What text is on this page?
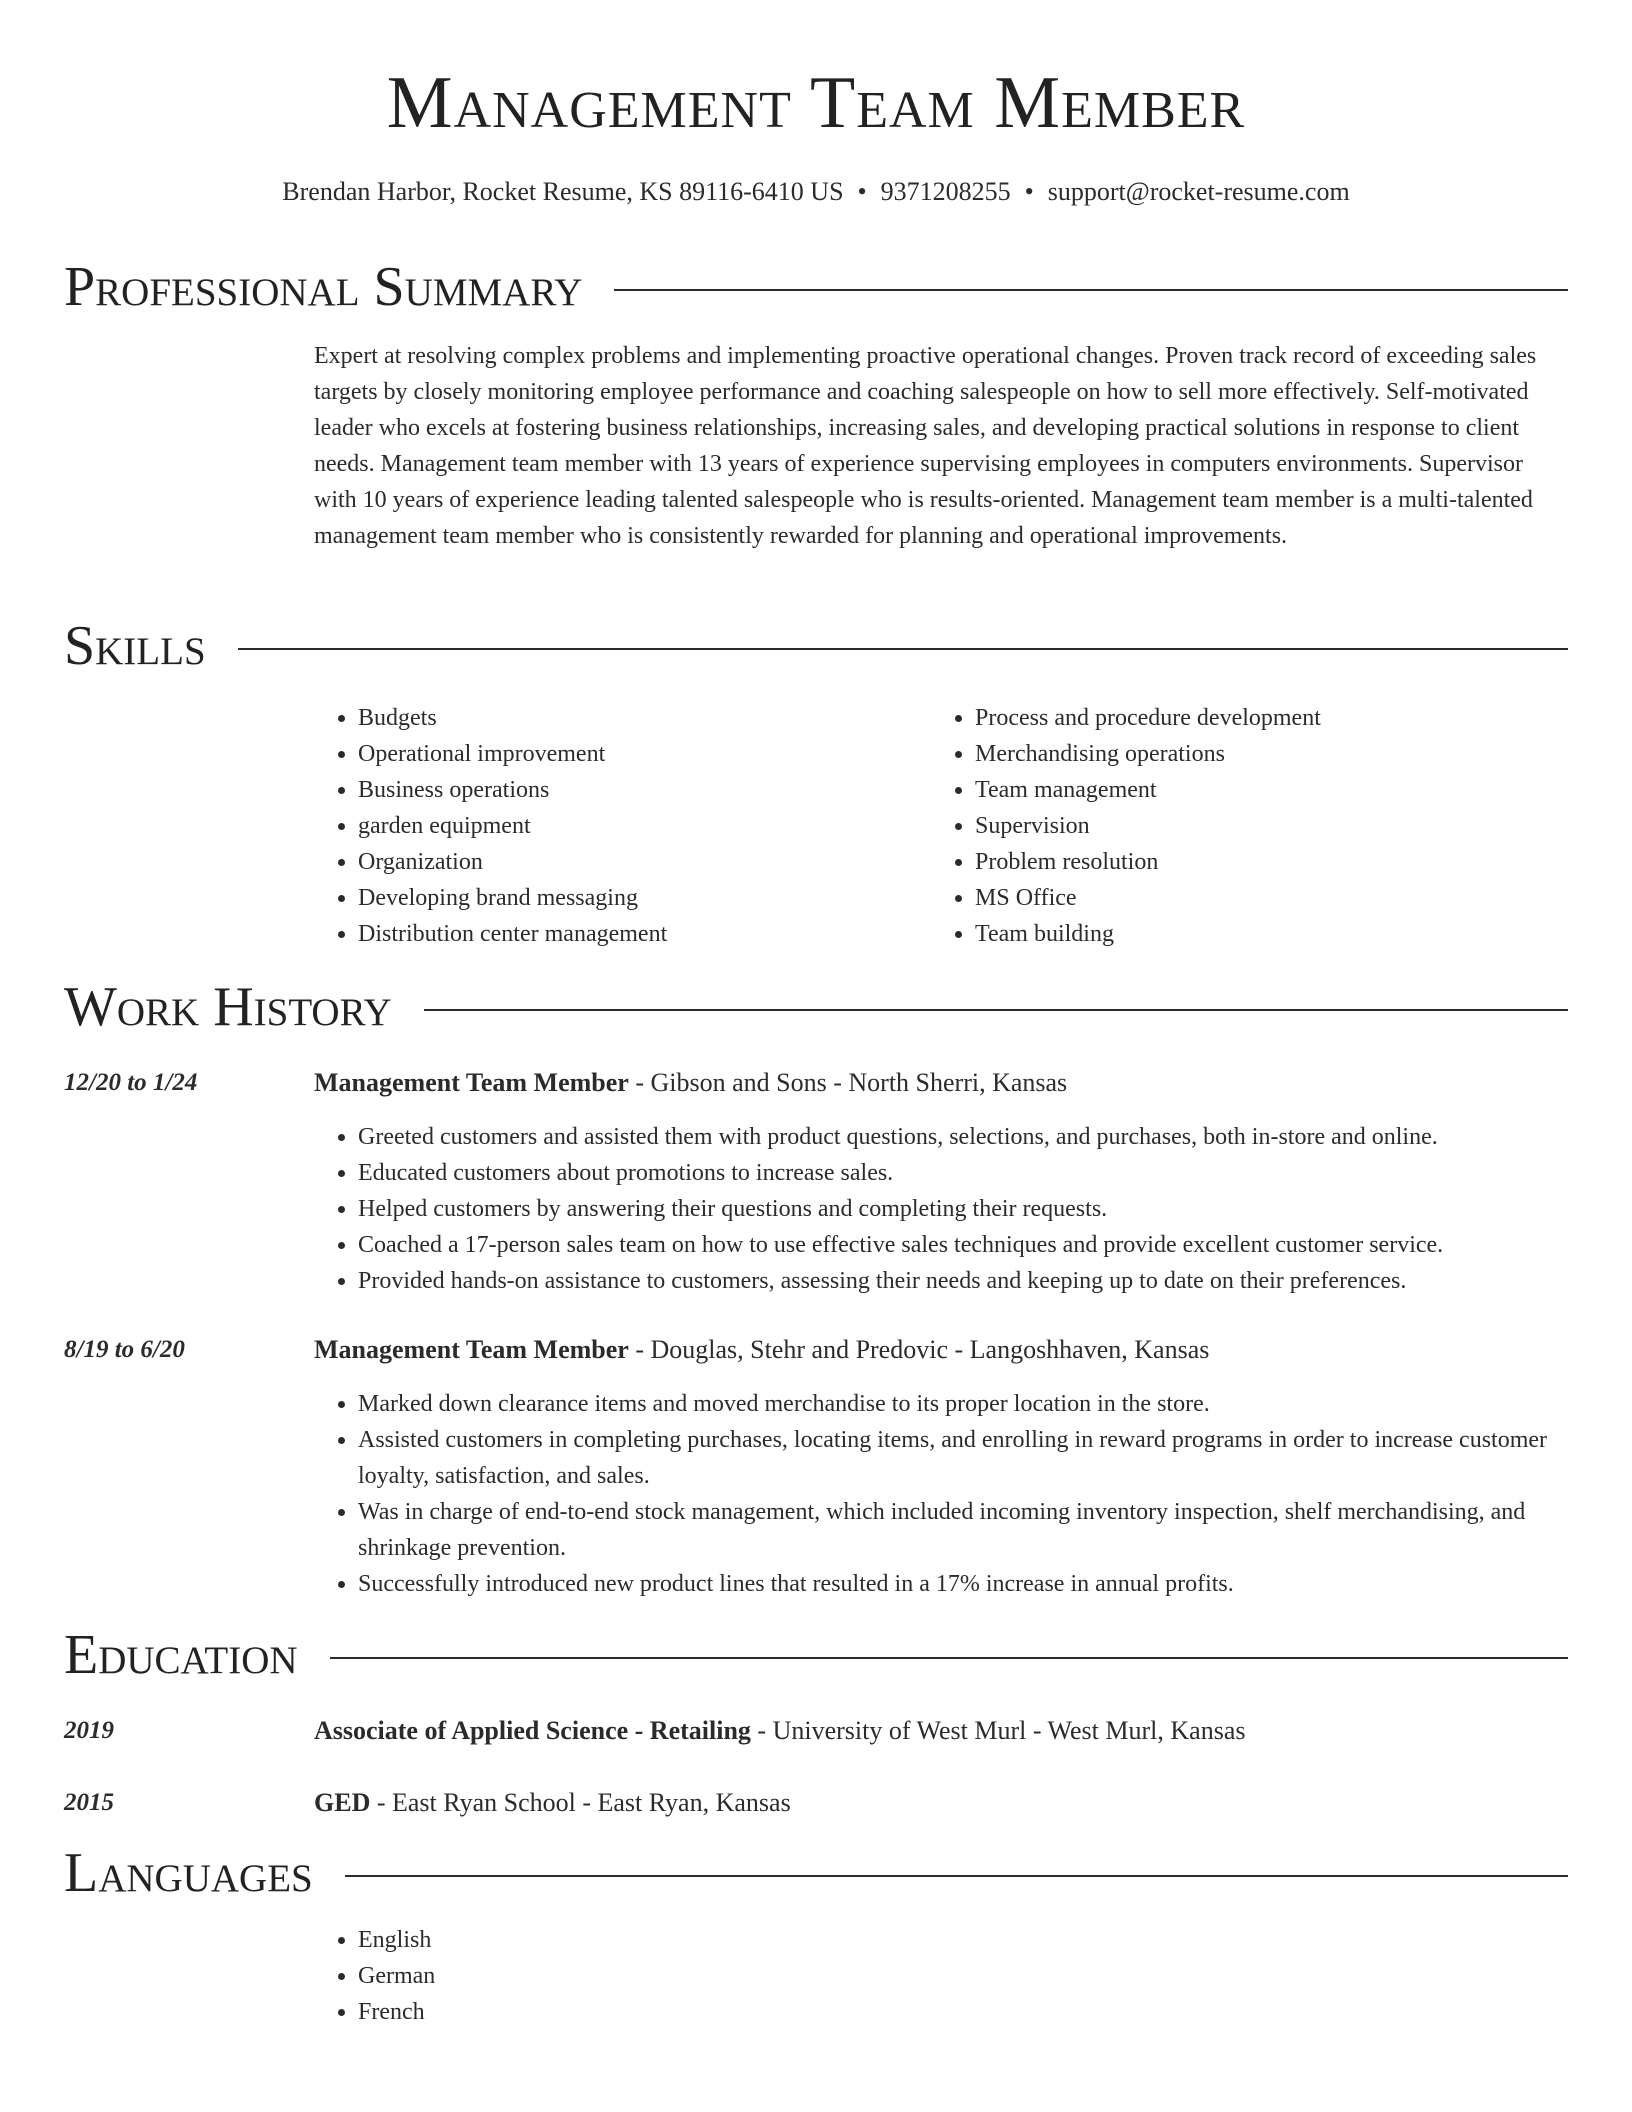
Management Team Member
Brendan Harbor, Rocket Resume, KS 89116-6410 US • 9371208255 • support@rocket-resume.com
Professional Summary

Expert at resolving complex problems and implementing proactive operational changes. Proven track record of exceeding sales targets by closely monitoring employee performance and coaching salespeople on how to sell more effectively. Self-motivated leader who excels at fostering business relationships, increasing sales, and developing practical solutions in response to client needs. Management team member with 13 years of experience supervising employees in computers environments. Supervisor with 10 years of experience leading talented salespeople who is results-oriented. Management team member is a multi-talented management team member who is consistently rewarded for planning and operational improvements.

Skills
• Budgets
• Operational improvement
• Business operations
• garden equipment
• Organization
• Developing brand messaging
• Distribution center management
• Process and procedure development
• Merchandising operations
• Team management
• Supervision
• Problem resolution
• MS Office
• Team building
Work History
12/20 to 1/24	Management Team Member - Gibson and Sons - North Sherri, Kansas
• Greeted customers and assisted them with product questions, selections, and purchases, both in-store and online.
• Educated customers about promotions to increase sales.
• Helped customers by answering their questions and completing their requests.
• Coached a 17-person sales team on how to use effective sales techniques and provide excellent customer service.
• Provided hands-on assistance to customers, assessing their needs and keeping up to date on their preferences.
8/19 to 6/20	Management Team Member - Douglas, Stehr and Predovic - Langoshhaven, Kansas
• Marked down clearance items and moved merchandise to its proper location in the store.
• Assisted customers in completing purchases, locating items, and enrolling in reward programs in order to increase customer loyalty, satisfaction, and sales.
• Was in charge of end-to-end stock management, which included incoming inventory inspection, shelf merchandising, and shrinkage prevention.
• Successfully introduced new product lines that resulted in a 17% increase in annual profits.
Education
2019	Associate of Applied Science - Retailing - University of West Murl - West Murl, Kansas
2015	GED - East Ryan School - East Ryan, Kansas
Languages
• English
• German
• French
